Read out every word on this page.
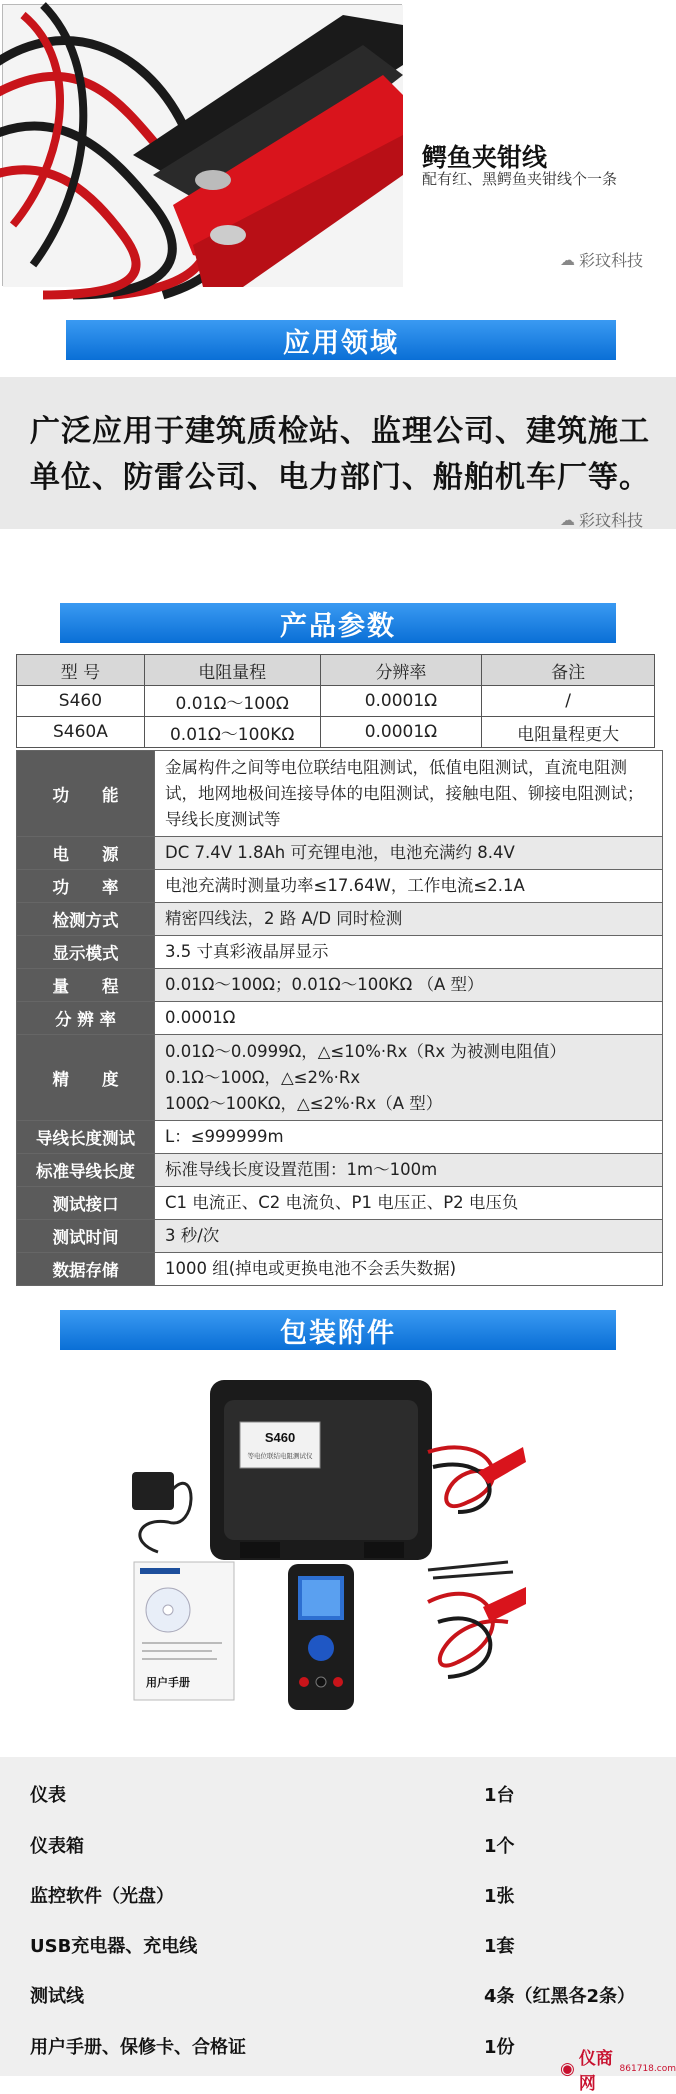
鳄鱼夹钳线
配有红、黑鳄鱼夹钳线个一条
☁ 彩玟科技
应用领域
广泛应用于建筑质检站、监理公司、建筑施工单位、防雷公司、电力部门、船舶机车厂等。
☁ 彩玟科技
产品参数
型 号	电阻量程	分辨率	备注
S460	0.01Ω～100Ω	0.0001Ω	/
S460A	0.01Ω～100KΩ	0.0001Ω	电阻量程更大
功　　能	金属构件之间等电位联结电阻测试，低值电阻测试，直流电阻测试，地网地极间连接导体的电阻测试，接触电阻、铆接电阻测试；导线长度测试等
电　　源	DC 7.4V 1.8Ah 可充锂电池，电池充满约 8.4V
功　　率	电池充满时测量功率≤17.64W，工作电流≤2.1A
检测方式	精密四线法，2 路 A/D 同时检测
显示模式	3.5 寸真彩液晶屏显示
量　　程	0.01Ω～100Ω；0.01Ω～100KΩ （A 型）
分 辨 率	0.0001Ω
精　　度	0.01Ω～0.0999Ω，△≤10%·Rx（Rx 为被测电阻值）
0.1Ω～100Ω，△≤2%·Rx
100Ω～100KΩ，△≤2%·Rx（A 型）
导线长度测试	L：≤999999m
标准导线长度	标准导线长度设置范围：1m～100m
测试接口	C1 电流正、C2 电流负、P1 电压正、P2 电压负
测试时间	3 秒/次
数据存储	1000 组(掉电或更换电池不会丢失数据)
包装附件
S460
等电位联结电阻测试仪
用户手册
仪表	1台
仪表箱	1个
监控软件（光盘）	1张
USB充电器、充电线	1套
测试线	4条（红黑各2条）
用户手册、保修卡、合格证	1份
◉ 仪商网
861718.com
